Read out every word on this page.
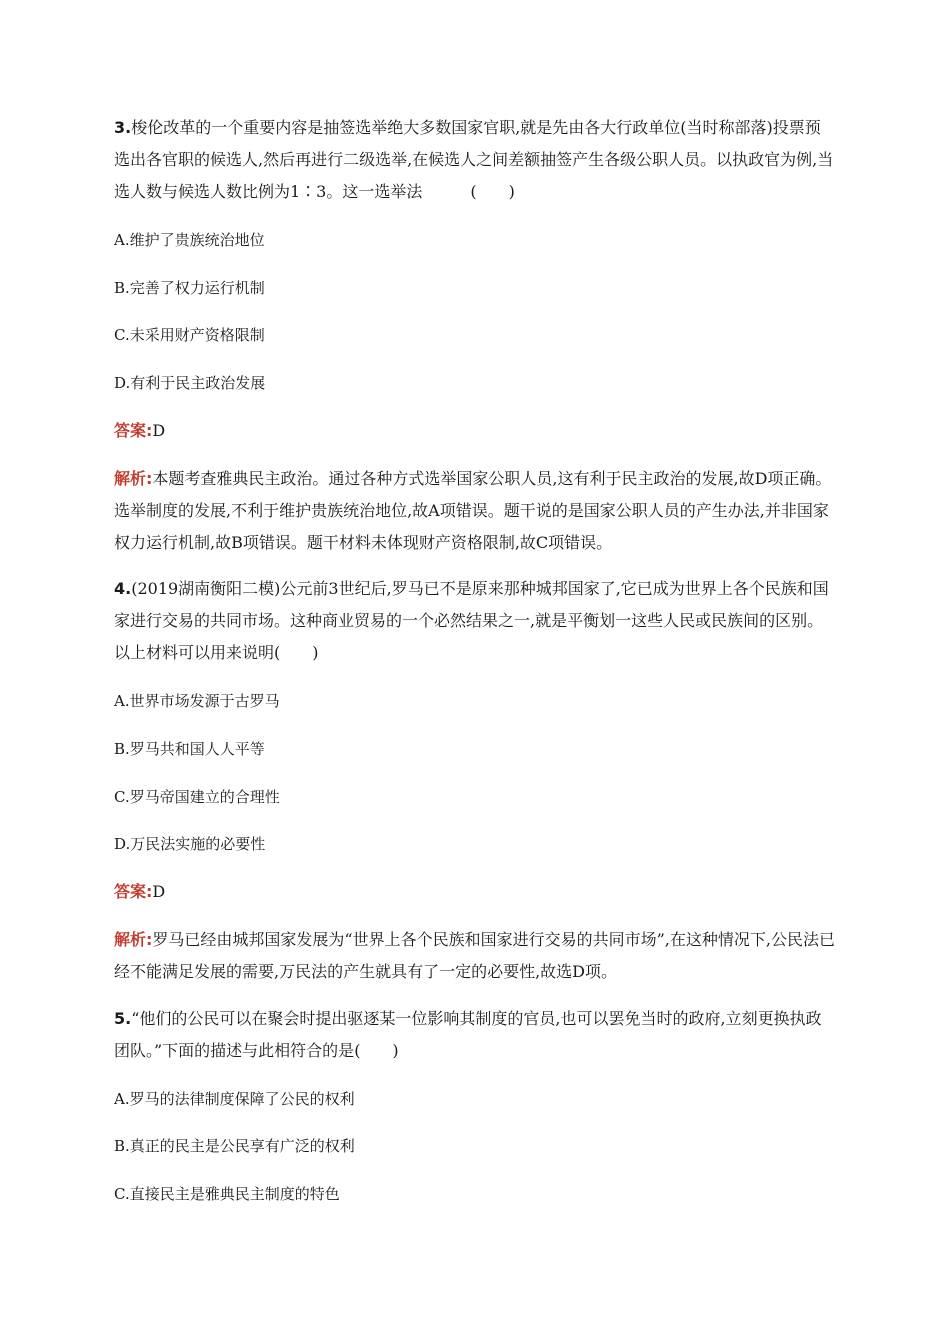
3.梭伦改革的一个重要内容是抽签选举绝大多数国家官职,就是先由各大行政单位(当时称部落)投票预选出各官职的候选人,然后再进行二级选举,在候选人之间差额抽签产生各级公职人员。以执政官为例,当选人数与候选人数比例为1∶3。这一选举法	(　　)

A.维护了贵族统治地位
B.完善了权力运行机制
C.未采用财产资格限制
D.有利于民主政治发展
答案:D
解析:本题考查雅典民主政治。通过各种方式选举国家公职人员,这有利于民主政治的发展,故D项正确。选举制度的发展,不利于维护贵族统治地位,故A项错误。题干说的是国家公职人员的产生办法,并非国家权力运行机制,故B项错误。题干材料未体现财产资格限制,故C项错误。

4.(2019湖南衡阳二模)公元前3世纪后,罗马已不是原来那种城邦国家了,它已成为世界上各个民族和国家进行交易的共同市场。这种商业贸易的一个必然结果之一,就是平衡划一这些人民或民族间的区别。以上材料可以用来说明(　　)

A.世界市场发源于古罗马
B.罗马共和国人人平等
C.罗马帝国建立的合理性
D.万民法实施的必要性
答案:D
解析:罗马已经由城邦国家发展为“世界上各个民族和国家进行交易的共同市场”,在这种情况下,公民法已经不能满足发展的需要,万民法的产生就具有了一定的必要性,故选D项。

5.“他们的公民可以在聚会时提出驱逐某一位影响其制度的官员,也可以罢免当时的政府,立刻更换执政团队。”下面的描述与此相符合的是(　　)

A.罗马的法律制度保障了公民的权利
B.真正的民主是公民享有广泛的权利
C.直接民主是雅典民主制度的特色
